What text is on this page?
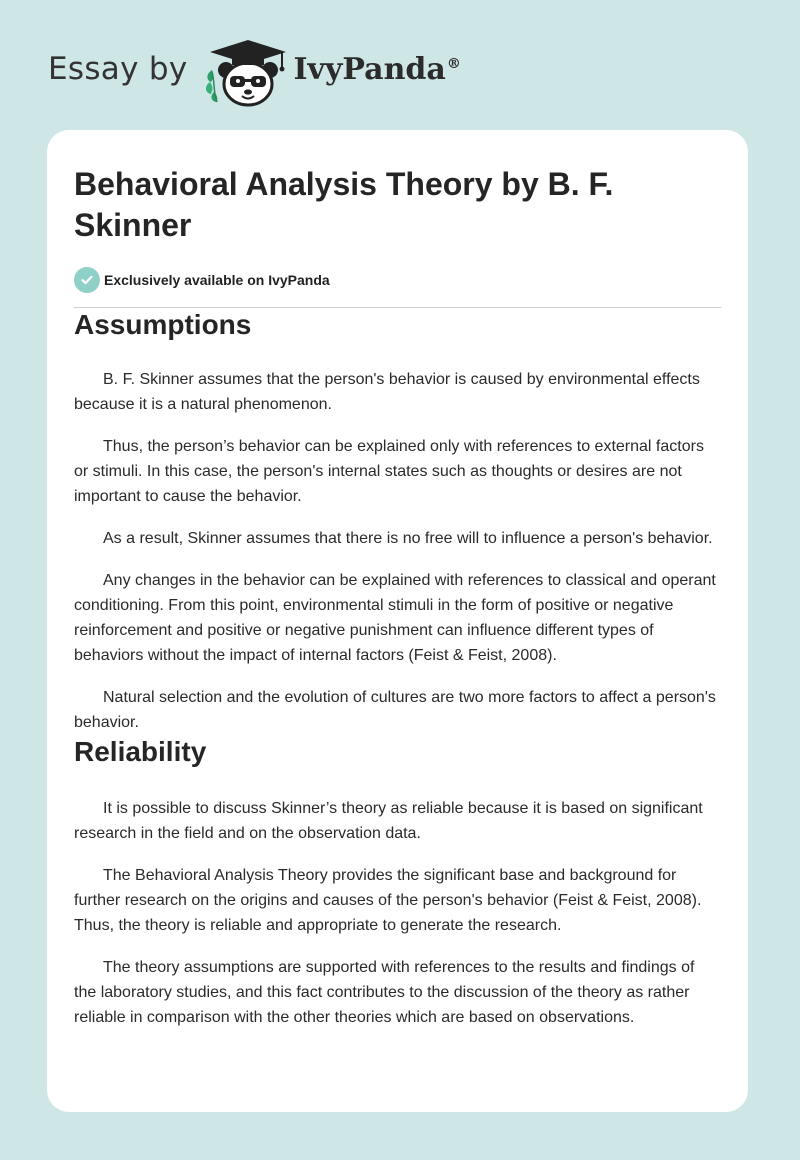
Essay by	IvyPanda®
Behavioral Analysis Theory by B. F. Skinner
Exclusively available on IvyPanda
Assumptions

B. F. Skinner assumes that the person's behavior is caused by environmental effects because it is a natural phenomenon.

Thus, the person’s behavior can be explained only with references to external factors or stimuli. In this case, the person's internal states such as thoughts or desires are not important to cause the behavior.

As a result, Skinner assumes that there is no free will to influence a person's behavior.

Any changes in the behavior can be explained with references to classical and operant conditioning. From this point, environmental stimuli in the form of positive or negative reinforcement and positive or negative punishment can influence different types of behaviors without the impact of internal factors (Feist & Feist, 2008).

Natural selection and the evolution of cultures are two more factors to affect a person's behavior.

Reliability

It is possible to discuss Skinner’s theory as reliable because it is based on significant research in the field and on the observation data.

The Behavioral Analysis Theory provides the significant base and background for further research on the origins and causes of the person's behavior (Feist & Feist, 2008). Thus, the theory is reliable and appropriate to generate the research.

The theory assumptions are supported with references to the results and findings of the laboratory studies, and this fact contributes to the discussion of the theory as rather reliable in comparison with the other theories which are based on observations.
